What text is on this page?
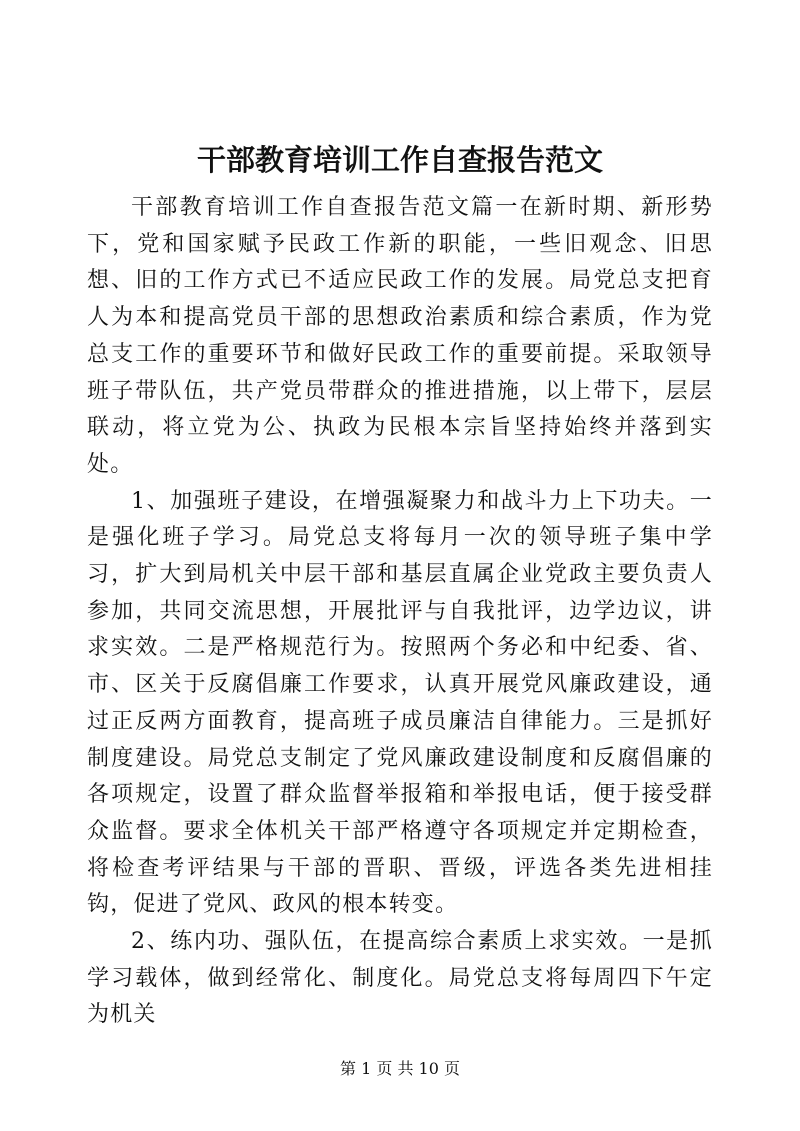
干部教育培训工作自查报告范文

干部教育培训工作自查报告范文篇一在新时期、新形势下，党和国家赋予民政工作新的职能，一些旧观念、旧思想、旧的工作方式已不适应民政工作的发展。局党总支把育人为本和提高党员干部的思想政治素质和综合素质，作为党总支工作的重要环节和做好民政工作的重要前提。采取领导班子带队伍，共产党员带群众的推进措施，以上带下，层层联动，将立党为公、执政为民根本宗旨坚持始终并落到实处。

1、加强班子建设，在增强凝聚力和战斗力上下功夫。一是强化班子学习。局党总支将每月一次的领导班子集中学习，扩大到局机关中层干部和基层直属企业党政主要负责人参加，共同交流思想，开展批评与自我批评，边学边议，讲求实效。二是严格规范行为。按照两个务必和中纪委、省、市、区关于反腐倡廉工作要求，认真开展党风廉政建设，通过正反两方面教育，提高班子成员廉洁自律能力。三是抓好制度建设。局党总支制定了党风廉政建设制度和反腐倡廉的各项规定，设置了群众监督举报箱和举报电话，便于接受群众监督。要求全体机关干部严格遵守各项规定并定期检查，将检查考评结果与干部的晋职、晋级，评选各类先进相挂钩，促进了党风、政风的根本转变。

2、练内功、强队伍，在提高综合素质上求实效。一是抓学习载体，做到经常化、制度化。局党总支将每周四下午定为机关

第 1 页 共 10 页
